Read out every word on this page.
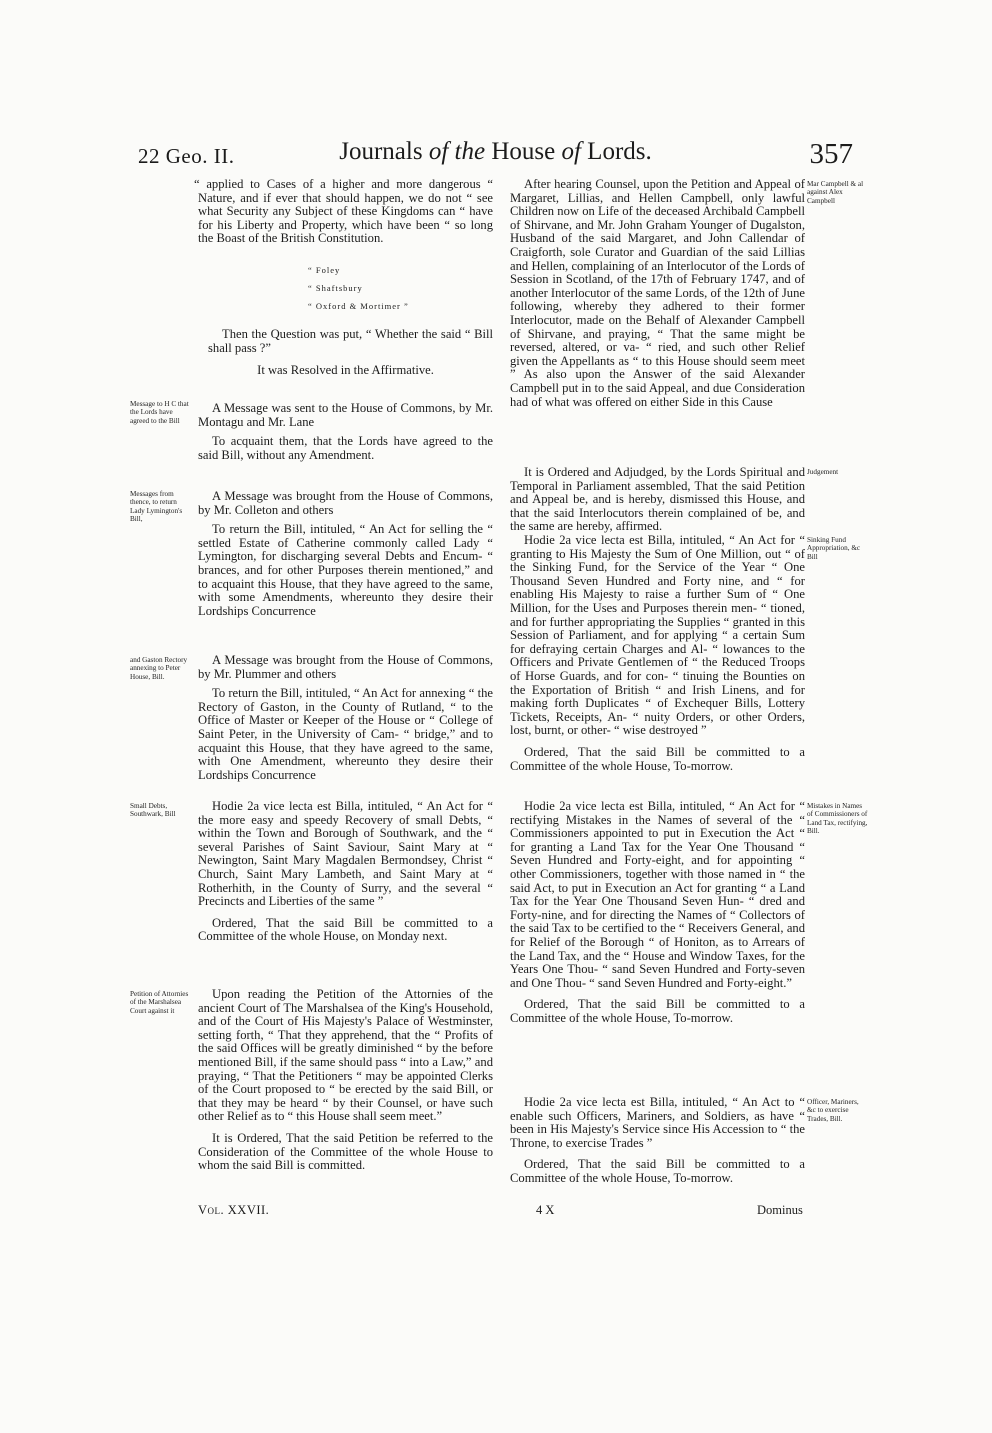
22 Geo. II.	Journals of the House of Lords.	357

“ applied to Cases of a higher and more dangerous “ Nature, and if ever that should happen, we do not “ see what Security any Subject of these Kingdoms can “ have for his Liberty and Property, which have been “ so long the Boast of the British Constitution.

“ Foley
“ Shaftsbury
“ Oxford & Mortimer ”

Then the Question was put, “ Whether the said “ Bill shall pass ?”

It was Resolved in the Affirmative.

A Message was sent to the House of Commons, by Mr. Montagu and Mr. Lane

To acquaint them, that the Lords have agreed to the said Bill, without any Amendment.

A Message was brought from the House of Commons, by Mr. Colleton and others

To return the Bill, intituled, “ An Act for selling the “ settled Estate of Catherine commonly called Lady “ Lymington, for discharging several Debts and Encum- “ brances, and for other Purposes therein mentioned,” and to acquaint this House, that they have agreed to the same, with some Amendments, whereunto they desire their Lordships Concurrence

A Message was brought from the House of Commons, by Mr. Plummer and others

To return the Bill, intituled, “ An Act for annexing “ the Rectory of Gaston, in the County of Rutland, “ to the Office of Master or Keeper of the House or “ College of Saint Peter, in the University of Cam- “ bridge,” and to acquaint this House, that they have agreed to the same, with One Amendment, whereunto they desire their Lordships Concurrence

Hodie 2a vice lecta est Billa, intituled, “ An Act for “ the more easy and speedy Recovery of small Debts, “ within the Town and Borough of Southwark, and the “ several Parishes of Saint Saviour, Saint Mary at “ Newington, Saint Mary Magdalen Bermondsey, Christ “ Church, Saint Mary Lambeth, and Saint Mary at “ Rotherhith, in the County of Surry, and the several “ Precincts and Liberties of the same ”

Ordered, That the said Bill be committed to a Committee of the whole House, on Monday next.

Upon reading the Petition of the Attornies of the ancient Court of The Marshalsea of the King's Household, and of the Court of His Majesty's Palace of Westminster, setting forth, “ That they apprehend, that the “ Profits of the said Offices will be greatly diminished “ by the before mentioned Bill, if the same should pass “ into a Law,” and praying, “ That the Petitioners “ may be appointed Clerks of the Court proposed to “ be erected by the said Bill, or that they may be heard “ by their Counsel, or have such other Relief as to “ this House shall seem meet.”

It is Ordered, That the said Petition be referred to the Consideration of the Committee of the whole House to whom the said Bill is committed.

After hearing Counsel, upon the Petition and Appeal of Margaret, Lillias, and Hellen Campbell, only lawful Children now on Life of the deceased Archibald Campbell of Shirvane, and Mr. John Graham Younger of Dugalston, Husband of the said Margaret, and John Callendar of Craigforth, sole Curator and Guardian of the said Lillias and Hellen, complaining of an Interlocutor of the Lords of Session in Scotland, of the 17th of February 1747, and of another Interlocutor of the same Lords, of the 12th of June following, whereby they adhered to their former Interlocutor, made on the Behalf of Alexander Campbell of Shirvane, and praying, “ That the same might be reversed, altered, or va- “ ried, and such other Relief given the Appellants as “ to this House should seem meet ” As also upon the Answer of the said Alexander Campbell put in to the said Appeal, and due Consideration had of what was offered on either Side in this Cause

It is Ordered and Adjudged, by the Lords Spiritual and Temporal in Parliament assembled, That the said Petition and Appeal be, and is hereby, dismissed this House, and that the said Interlocutors therein complained of be, and the same are hereby, affirmed.

Hodie 2a vice lecta est Billa, intituled, “ An Act for “ granting to His Majesty the Sum of One Million, out “ of the Sinking Fund, for the Service of the Year “ One Thousand Seven Hundred and Forty nine, and “ for enabling His Majesty to raise a further Sum of “ One Million, for the Uses and Purposes therein men- “ tioned, and for further appropriating the Supplies “ granted in this Session of Parliament, and for applying “ a certain Sum for defraying certain Charges and Al- “ lowances to the Officers and Private Gentlemen of “ the Reduced Troops of Horse Guards, and for con- “ tinuing the Bounties on the Exportation of British “ and Irish Linens, and for making forth Duplicates “ of Exchequer Bills, Lottery Tickets, Receipts, An- “ nuity Orders, or other Orders, lost, burnt, or other- “ wise destroyed ”

Ordered, That the said Bill be committed to a Committee of the whole House, To-morrow.

Hodie 2a vice lecta est Billa, intituled, “ An Act for “ rectifying Mistakes in the Names of several of the “ Commissioners appointed to put in Execution the Act “ for granting a Land Tax for the Year One Thousand “ Seven Hundred and Forty-eight, and for appointing “ other Commissioners, together with those named in “ the said Act, to put in Execution an Act for granting “ a Land Tax for the Year One Thousand Seven Hun- “ dred and Forty-nine, and for directing the Names of “ Collectors of the said Tax to be certified to the “ Receivers General, and for Relief of the Borough “ of Honiton, as to Arrears of the Land Tax, and the “ House and Window Taxes, for the Years One Thou- “ sand Seven Hundred and Forty-seven and One Thou- “ sand Seven Hundred and Forty-eight.”

Ordered, That the said Bill be committed to a Committee of the whole House, To-morrow.

Hodie 2a vice lecta est Billa, intituled, “ An Act to “ enable such Officers, Mariners, and Soldiers, as have “ been in His Majesty's Service since His Accession to “ the Throne, to exercise Trades ”

Ordered, That the said Bill be committed to a Committee of the whole House, To-morrow.

Message to H C that the Lords have agreed to the Bill
Messages from thence, to return Lady Lymington's Bill,
and Gaston Rectory annexing to Peter House, Bill.
Small Debts, Southwark, Bill
Petition of Attornies of the Marshalsea Court against it
Mar Campbell & al against Alex Campbell
Judgement
Sinking Fund Appropriation, &c Bill
Mistakes in Names of Commissioners of Land Tax, rectifying, Bill.
Officer, Mariners, &c to exercise Trades, Bill.
Vol. XXVII.	4 X	Dominus
